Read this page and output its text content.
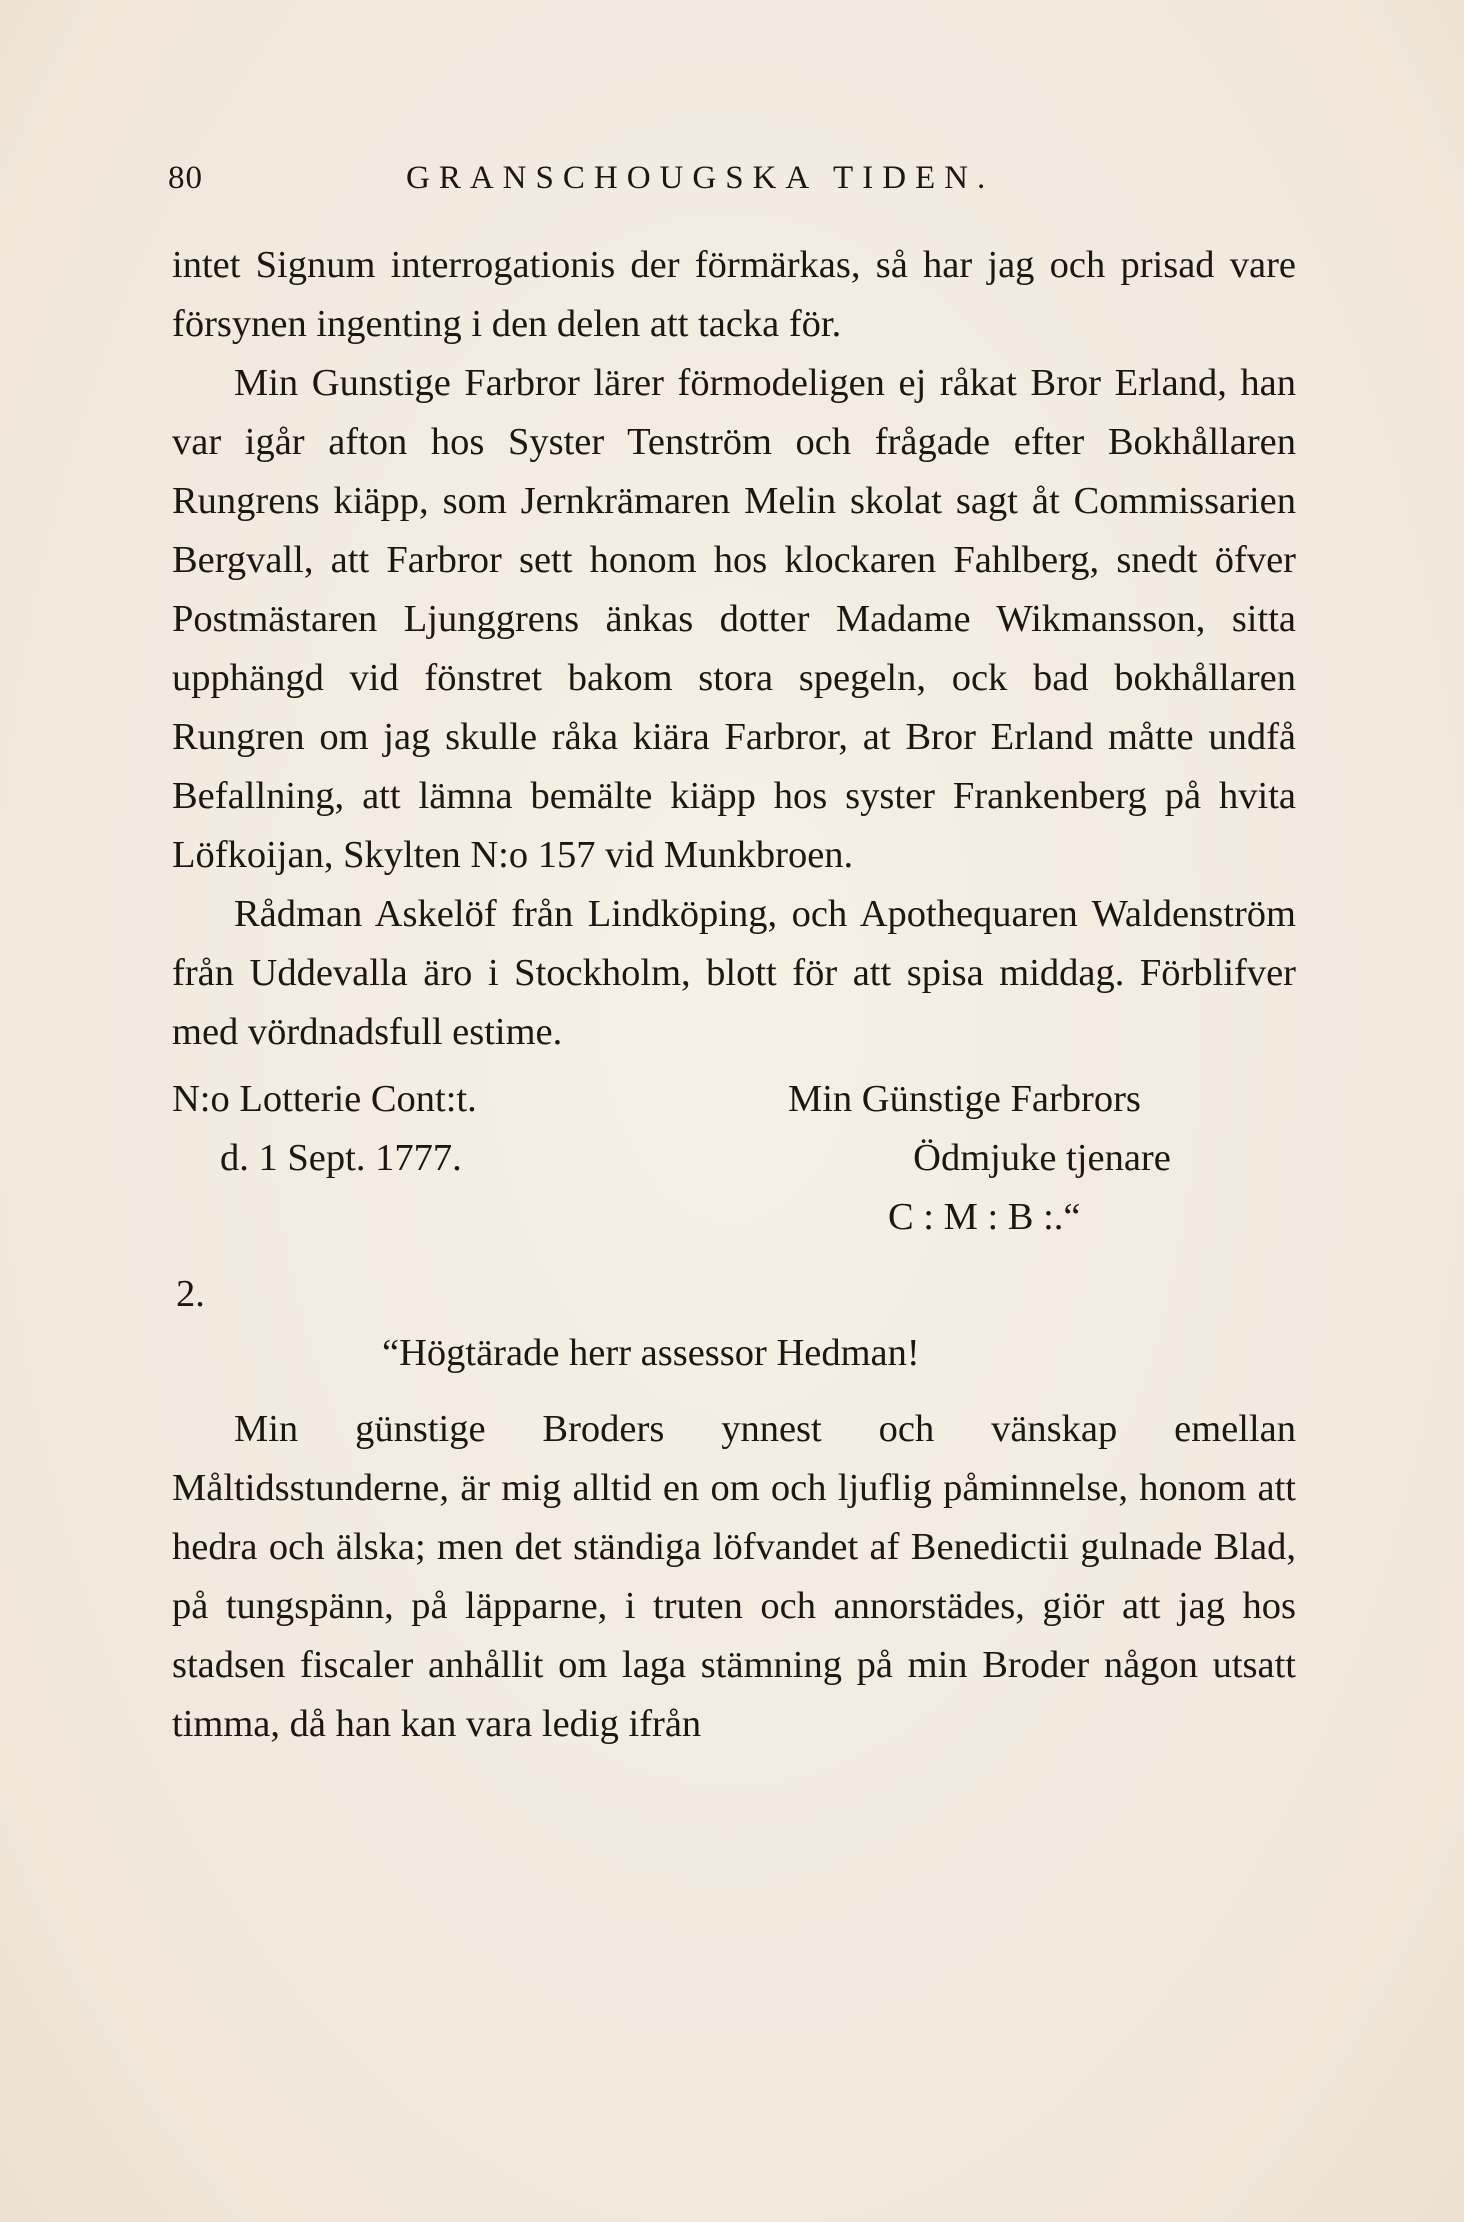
80	GRANSCHOUGSKA TIDEN.

intet Signum interrogationis der förmärkas, så har jag och prisad vare försynen ingenting i den delen att tacka för.

Min Gunstige Farbror lärer förmodeligen ej råkat Bror Erland, han var igår afton hos Syster Tenström och frågade efter Bokhållaren Rungrens kiäpp, som Jernkrämaren Melin skolat sagt åt Commissarien Bergvall, att Farbror sett honom hos klockaren Fahlberg, snedt öfver Postmästaren Ljunggrens änkas dotter Madame Wikmansson, sitta upphängd vid fönstret bakom stora spegeln, ock bad bokhållaren Rungren om jag skulle råka kiära Farbror, at Bror Erland måtte undfå Befallning, att lämna bemälte kiäpp hos syster Frankenberg på hvita Löfkoijan, Skylten N:o 157 vid Munkbroen.

Rådman Askelöf från Lindköping, och Apothequaren Waldenström från Uddevalla äro i Stockholm, blott för att spisa middag. Förblifver med vördnadsfull estime.

N:o Lotterie Cont:t.
d. 1 Sept. 1777.
Min Günstige Farbrors
Ödmjuke tjenare
C : M : B :.“
2.
“Högtärade herr assessor Hedman!

Min günstige Broders ynnest och vänskap emellan Måltidsstunderne, är mig alltid en om och ljuflig påminnelse, honom att hedra och älska; men det ständiga löfvandet af Benedictii gulnade Blad, på tungspänn, på läpparne, i truten och annorstädes, giör att jag hos stadsen fiscaler anhållit om laga stämning på min Broder någon utsatt timma, då han kan vara ledig ifrån
